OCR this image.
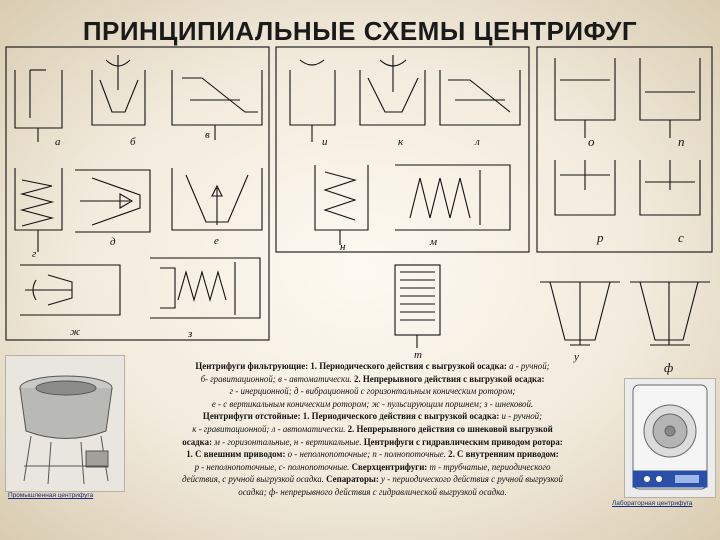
ПРИНЦИПИАЛЬНЫЕ СХЕМЫ ЦЕНТРИФУГ
а	б
в
г
д	е
ж	з
и	к	л
н	м
о	п
р	с
т	у
ф
Промышленная центрифуга
Лабораторная центрифуга
Центрифуги фильтрующие: 1. Периодического действия с выгрузкой осадка: а - ручной;
б- гравитационной; в - автоматически. 2. Непрерывного действия с выгрузкой осадка:
г - инерционной; д - вибрационной с горизонтальным коническим ротором;
е - с вертикальным коническим ротором; ж - пульсирующим поршнем; з - шнековой.
Центрифуги отстойные: 1. Периодического действия с выгрузкой осадка: и - ручной;
к - гравитационной; л - автоматически. 2. Непрерывного действия со шнековой выгрузкой
осадка: м - горизонтальные, н - вертикальные. Центрифуги с гидравлическим приводом ротора:
1. С внешним приводом: о - неполнопоточные; п - полнопоточные. 2. С внутренним приводом:
р - неполнопоточные, с- полнопоточные. Сверхцентрифуги: т - трубчатые, периодического
действия, с ручной выгрузкой осадка. Сепараторы: у - периодического действия с ручной выгрузкой
осадка; ф- непрерывного действия с гидравлической выгрузкой осадка.
